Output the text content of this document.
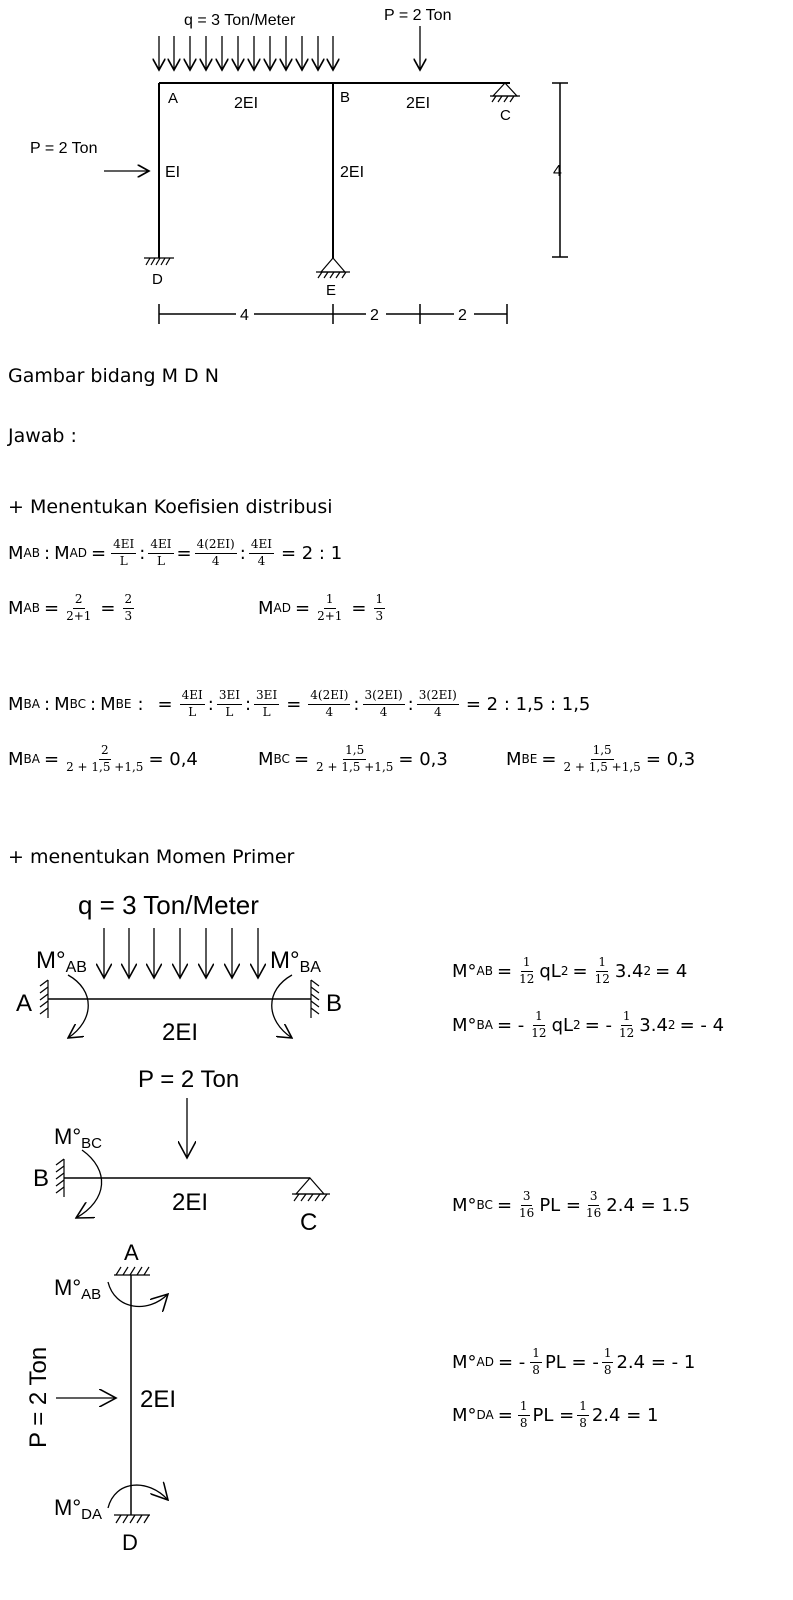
q = 3 Ton/Meter	P = 2 Ton
P = 2 Ton
A	B
C
D
E
2EI	2EI
EI	2EI	4
4	2	2
Gambar bidang M D N
Jawab :
+ Menentukan Koefisien distribusi
M AB : M AD = $\frac{4EI}{L}$ : $\frac{4EI}{L} = \frac{4(2EI)}{4}$ : $\frac{4EI}{4} = 2$ : 1
M AB = $\frac{2}{2+1} = \frac{2}{3}$	M AD = $\frac{1}{2+1} = \frac{1}{3}$
M BA : M BC : M BE : = $\frac{4EI}{L}$ : $\frac{3EI}{L}$ : $\frac{3EI}{L} = \frac{4(2EI)}{4}$ : $\frac{3(2EI)}{4}$ : $\frac{3(2EI)}{4} = 2$ : 1,5 : 1,5
M BA = $\frac{2}{2 + 1,5 +1,5} = 0,4$	M BC = $\frac{1,5}{2 + 1,5 +1,5} = 0,3$	M BE = $\frac{1,5}{2 + 1,5 +1,5} = 0,3$
+ menentukan Momen Primer
q = 3 Ton/Meter
M°AB	M°BA
A	B
2EI
P = 2 Ton
M°BC
B
C
2EI
A
D
M°AB
M°DA
P = 2 Ton	2EI
M° AB = $\frac{1}{12}$ qL $2 = \frac{1}{12} 3.4$ 2 = 4
M° BA = - $\frac{1}{12}$ qL 2 = - $\frac{1}{12} 3.4$ 2 = - 4
M° BC = $\frac{3}{16}$ PL = $\frac{3}{16} 2.4 = 1.5$
M° AD = - $\frac{1}{8}$ PL = - $\frac{1}{8} 2.4$ = - 1
M° DA = $\frac{1}{8}$ PL = $\frac{1}{8} 2.4 = 1$
